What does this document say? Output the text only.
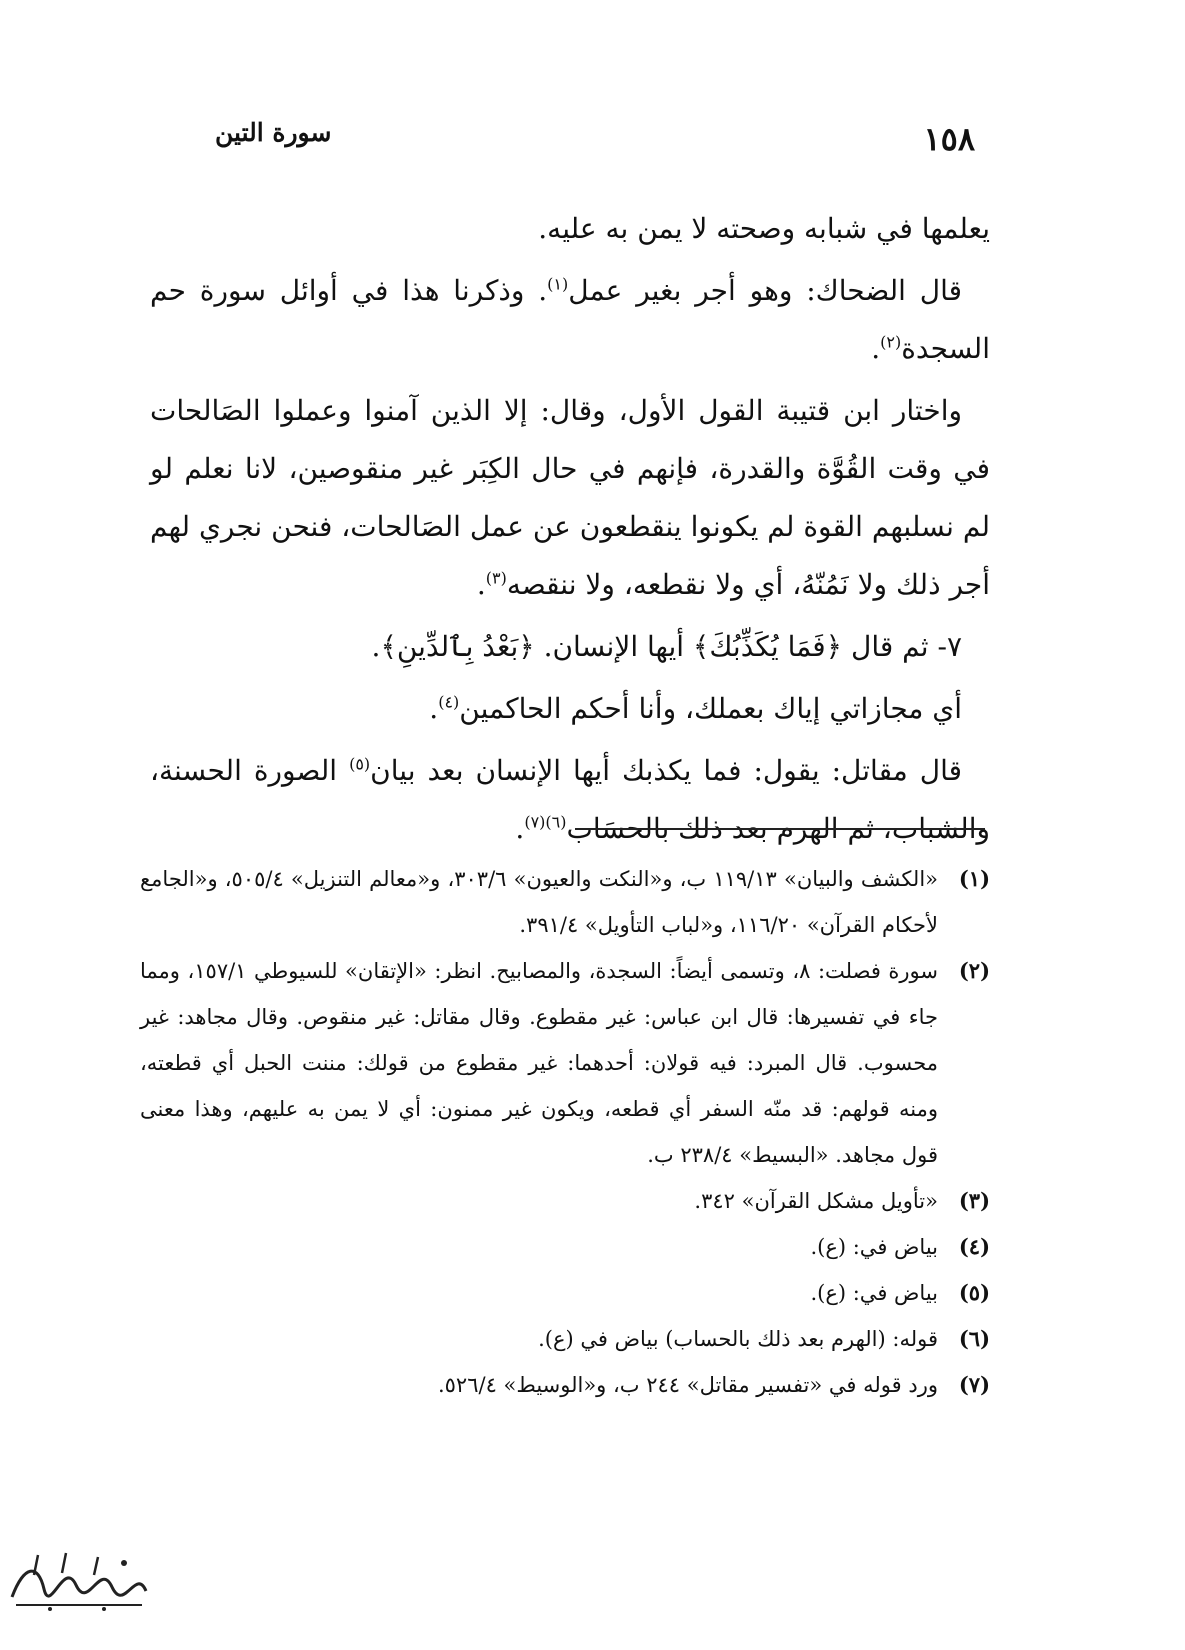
١٥٨
سورة التين

يعلمها في شبابه وصحته لا يمن به عليه.

قال الضحاك: وهو أجر بغير عمل$^{(١)}$. وذكرنا هذا في أوائل سورة حم السجدة$^{(٢)}$.

واختار ابن قتيبة القول الأول، وقال: إلا الذين آمنوا وعملوا الصَالحات في وقت القُوَّة والقدرة، فإنهم في حال الكِبَر غير منقوصين، لانا نعلم لو لم نسلبهم القوة لم يكونوا ينقطعون عن عمل الصَالحات، فنحن نجري لهم أجر ذلك ولا نَمُنّهُ، أي ولا نقطعه، ولا ننقصه$^{(٣)}$.

٧- ثم قال ﴿فَمَا يُكَذِّبُكَ﴾ أيها الإنسان. ﴿بَعْدُ بِٱلدِّينِ﴾.

أي مجازاتي إياك بعملك، وأنا أحكم الحاكمين$^{(٤)}$.

قال مقاتل: يقول: فما يكذبك أيها الإنسان بعد بيان$^{(٥)}$ الصورة الحسنة، والشباب، ثم الهرم بعد ذلك بالحسَاب$^{(٦)(٧)}$.

(١)
«الكشف والبيان» ١١٩/١٣ ب، و«النكت والعيون» ٣٠٣/٦، و«معالم التنزيل» ٥٠٥/٤، و«الجامع لأحكام القرآن» ١١٦/٢٠، و«لباب التأويل» ٣٩١/٤.
(٢)
سورة فصلت: ٨، وتسمى أيضاً: السجدة، والمصابيح. انظر: «الإتقان» للسيوطي ١٥٧/١، ومما جاء في تفسيرها: قال ابن عباس: غير مقطوع. وقال مقاتل: غير منقوص. وقال مجاهد: غير محسوب. قال المبرد: فيه قولان: أحدهما: غير مقطوع من قولك: مننت الحبل أي قطعته، ومنه قولهم: قد منّه السفر أي قطعه، ويكون غير ممنون: أي لا يمن به عليهم، وهذا معنى قول مجاهد. «البسيط» ٢٣٨/٤ ب.
(٣)
«تأويل مشكل القرآن» ٣٤٢.
(٤)
بياض في: (ع).
(٥)
بياض في: (ع).
(٦)
قوله: (الهرم بعد ذلك بالحساب) بياض في (ع).
(٧)
ورد قوله في «تفسير مقاتل» ٢٤٤ ب، و«الوسيط» ٥٢٦/٤.
